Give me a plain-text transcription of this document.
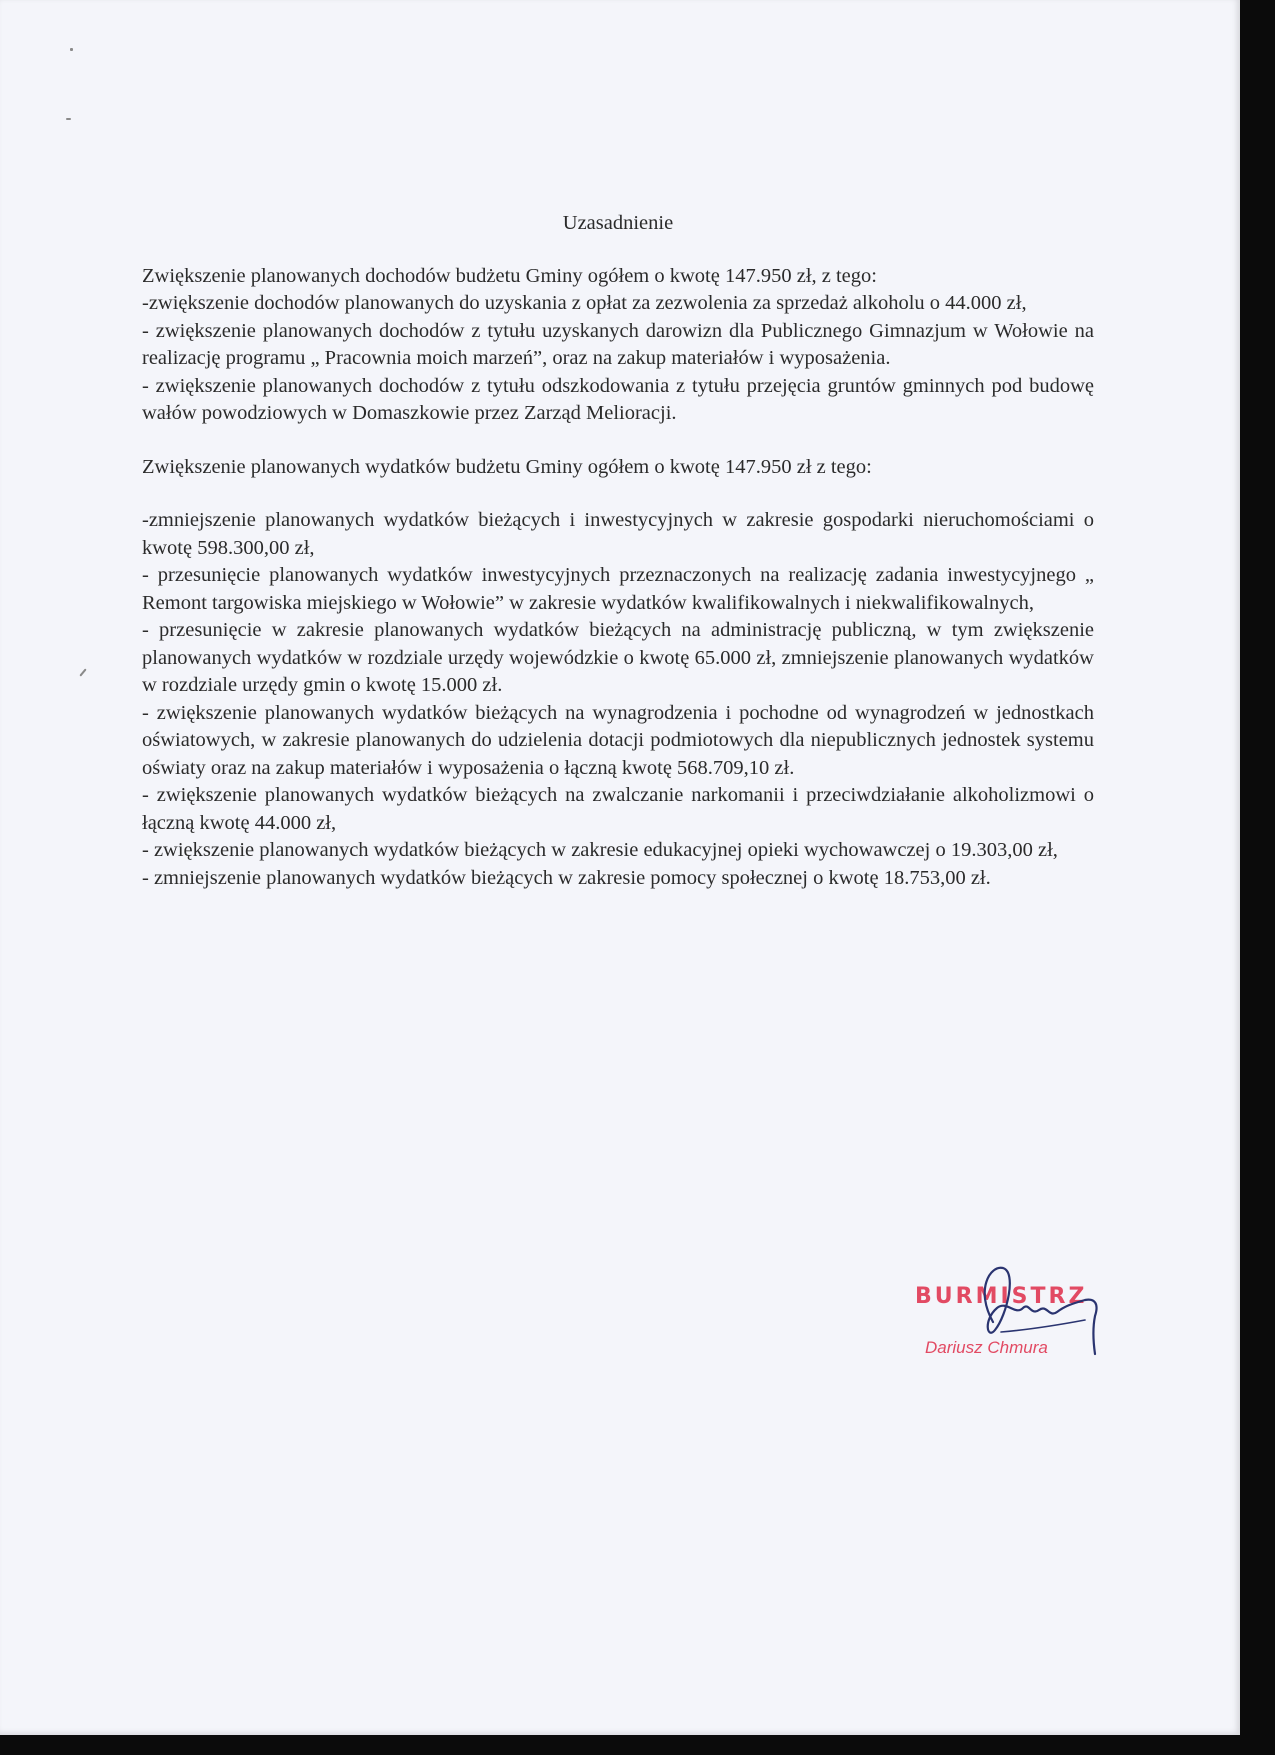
Uzasadnienie

Zwiększenie planowanych dochodów budżetu Gminy ogółem o kwotę 147.950 zł, z tego:

-zwiększenie dochodów planowanych do uzyskania z opłat za zezwolenia za sprzedaż alkoholu o 44.000 zł,

- zwiększenie planowanych dochodów z tytułu uzyskanych darowizn dla Publicznego Gimnazjum w Wołowie na realizację programu „ Pracownia moich marzeń”, oraz na zakup materiałów i wyposażenia.

- zwiększenie planowanych dochodów z tytułu odszkodowania z tytułu przejęcia gruntów gminnych pod budowę wałów powodziowych w Domaszkowie przez Zarząd Melioracji.

Zwiększenie planowanych wydatków budżetu Gminy ogółem o kwotę 147.950 zł z tego:

-zmniejszenie planowanych wydatków bieżących i inwestycyjnych w zakresie gospodarki nieruchomościami o kwotę 598.300,00 zł,

- przesunięcie planowanych wydatków inwestycyjnych przeznaczonych na realizację zadania inwestycyjnego „ Remont targowiska miejskiego w Wołowie” w zakresie wydatków kwalifikowalnych i niekwalifikowalnych,

- przesunięcie w zakresie planowanych wydatków bieżących na administrację publiczną, w tym zwiększenie planowanych wydatków w rozdziale urzędy wojewódzkie o kwotę 65.000 zł, zmniejszenie planowanych wydatków w rozdziale urzędy gmin o kwotę 15.000 zł.

- zwiększenie planowanych wydatków bieżących na wynagrodzenia i pochodne od wynagrodzeń w jednostkach oświatowych, w zakresie planowanych do udzielenia dotacji podmiotowych dla niepublicznych jednostek systemu oświaty oraz na zakup materiałów i wyposażenia o łączną kwotę 568.709,10 zł.

- zwiększenie planowanych wydatków bieżących na zwalczanie narkomanii i przeciwdziałanie alkoholizmowi o łączną kwotę 44.000 zł,

- zwiększenie planowanych wydatków bieżących w zakresie edukacyjnej opieki wychowawczej o 19.303,00 zł,

- zmniejszenie planowanych wydatków bieżących w zakresie pomocy społecznej o kwotę 18.753,00 zł.

BURMISTRZ
Dariusz Chmura
